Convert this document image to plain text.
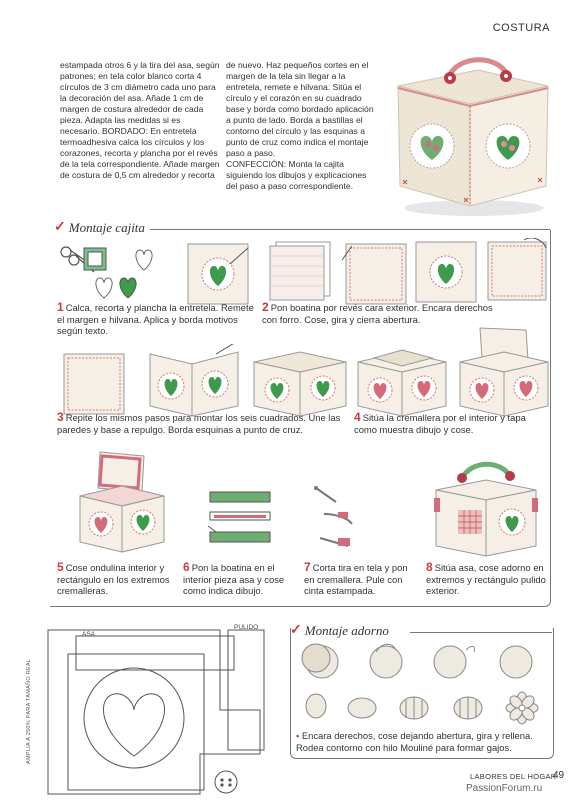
COSTURA
estampada otros 6 y la tira del asa, según patrones; en tela color blanco corta 4 círculos de 3 cm diámetro cada uno para la decoración del asa. Añade 1 cm de margen de costura alrededor de cada pieza. Adapta las medidas si es necesario. BORDADO: En entretela termoadhesiva calca los círculos y los corazones, recorta y plancha por el revés de la tela correspondiente. Añade margen de costura de 0,5 cm alrededor y recorta
de nuevo. Haz pequeños cortes en el margen de la tela sin llegar a la entretela, remete e hilvana. Sitúa el círculo y el corazón en su cuadrado base y borda como bordado aplicación a punto de lado. Borda a bastillas el contorno del círculo y las esquinas a punto de cruz como indica el montaje paso a paso.
CONFECCIÓN: Monta la cajita siguiendo los dibujos y explicaciones del paso a paso correspondiente.
✓ Montaje cajita
1 Calca, recorta y plancha la entretela. Remete el margen e hilvana. Aplica y borda motivos según texto.
2 Pon boatina por revés cara exterior. Encara derechos con forro. Cose, gira y cierra abertura.
3 Repite los mismos pasos para montar los seis cuadrados. Une las paredes y base a repulgo. Borda esquinas a punto de cruz.
4 Sitúa la cremallera por el interior y tapa como muestra dibujo y cose.
5 Cose ondulina interior y rectángulo en los extremos cremalleras.
6 Pon la boatina en el interior pieza asa y cose como indica dibujo.
7 Corta tira en tela y pon en cremallera. Pule con cinta estampada.
8 Sitúa asa, cose adorno en extremos y rectángulo pulido exterior.
AMPLIA A 250% PARA TAMAÑO REAL
ASA
PULIDO ✓ Montaje adorno
• Encara derechos, cose dejando abertura, gira y rellena. Rodea contorno con hilo Mouliné para formar gajos.
LABORES DEL HOGAR
49
PassionForum.ru
